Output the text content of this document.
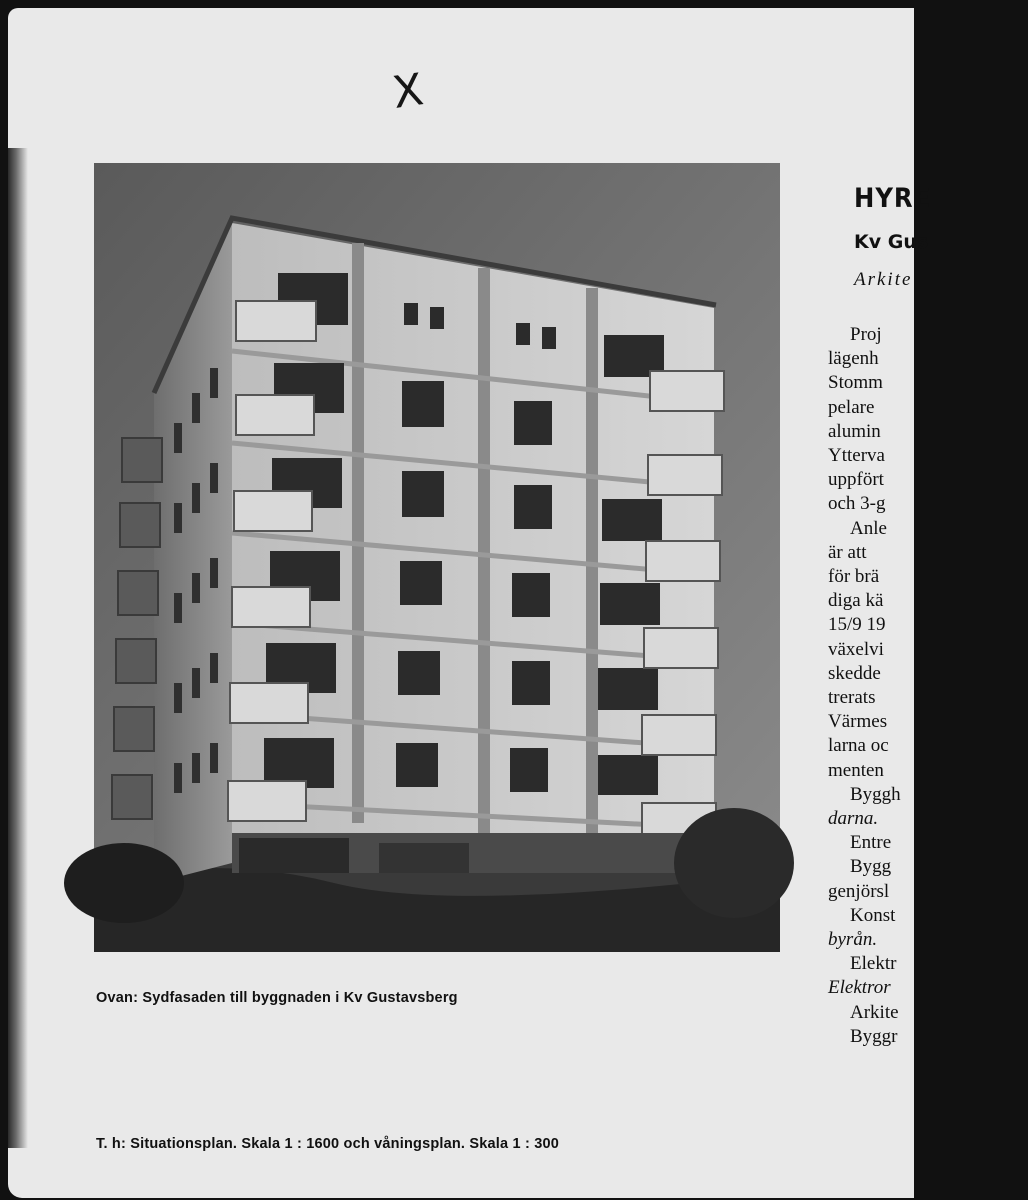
X
Ovan: Sydfasaden till byggnaden i Kv Gustavsberg
T. h: Situationsplan. Skala 1 : 1600 och våningsplan. Skala 1 : 300
HYRE
Kv Gus
Arkite
Proj
lägenh
Stomm
pelare
alumin
Ytterva
uppfört
och 3-g
Anle
är att
för brä
diga kä
15/9 19
växelvi
skedde
trerats
Värmes
larna oc
menten
Byggh
darna.
Entre
Bygg
genjörsl
Konst
byrån.
Elektr
Elektror
Arkite
Byggr
